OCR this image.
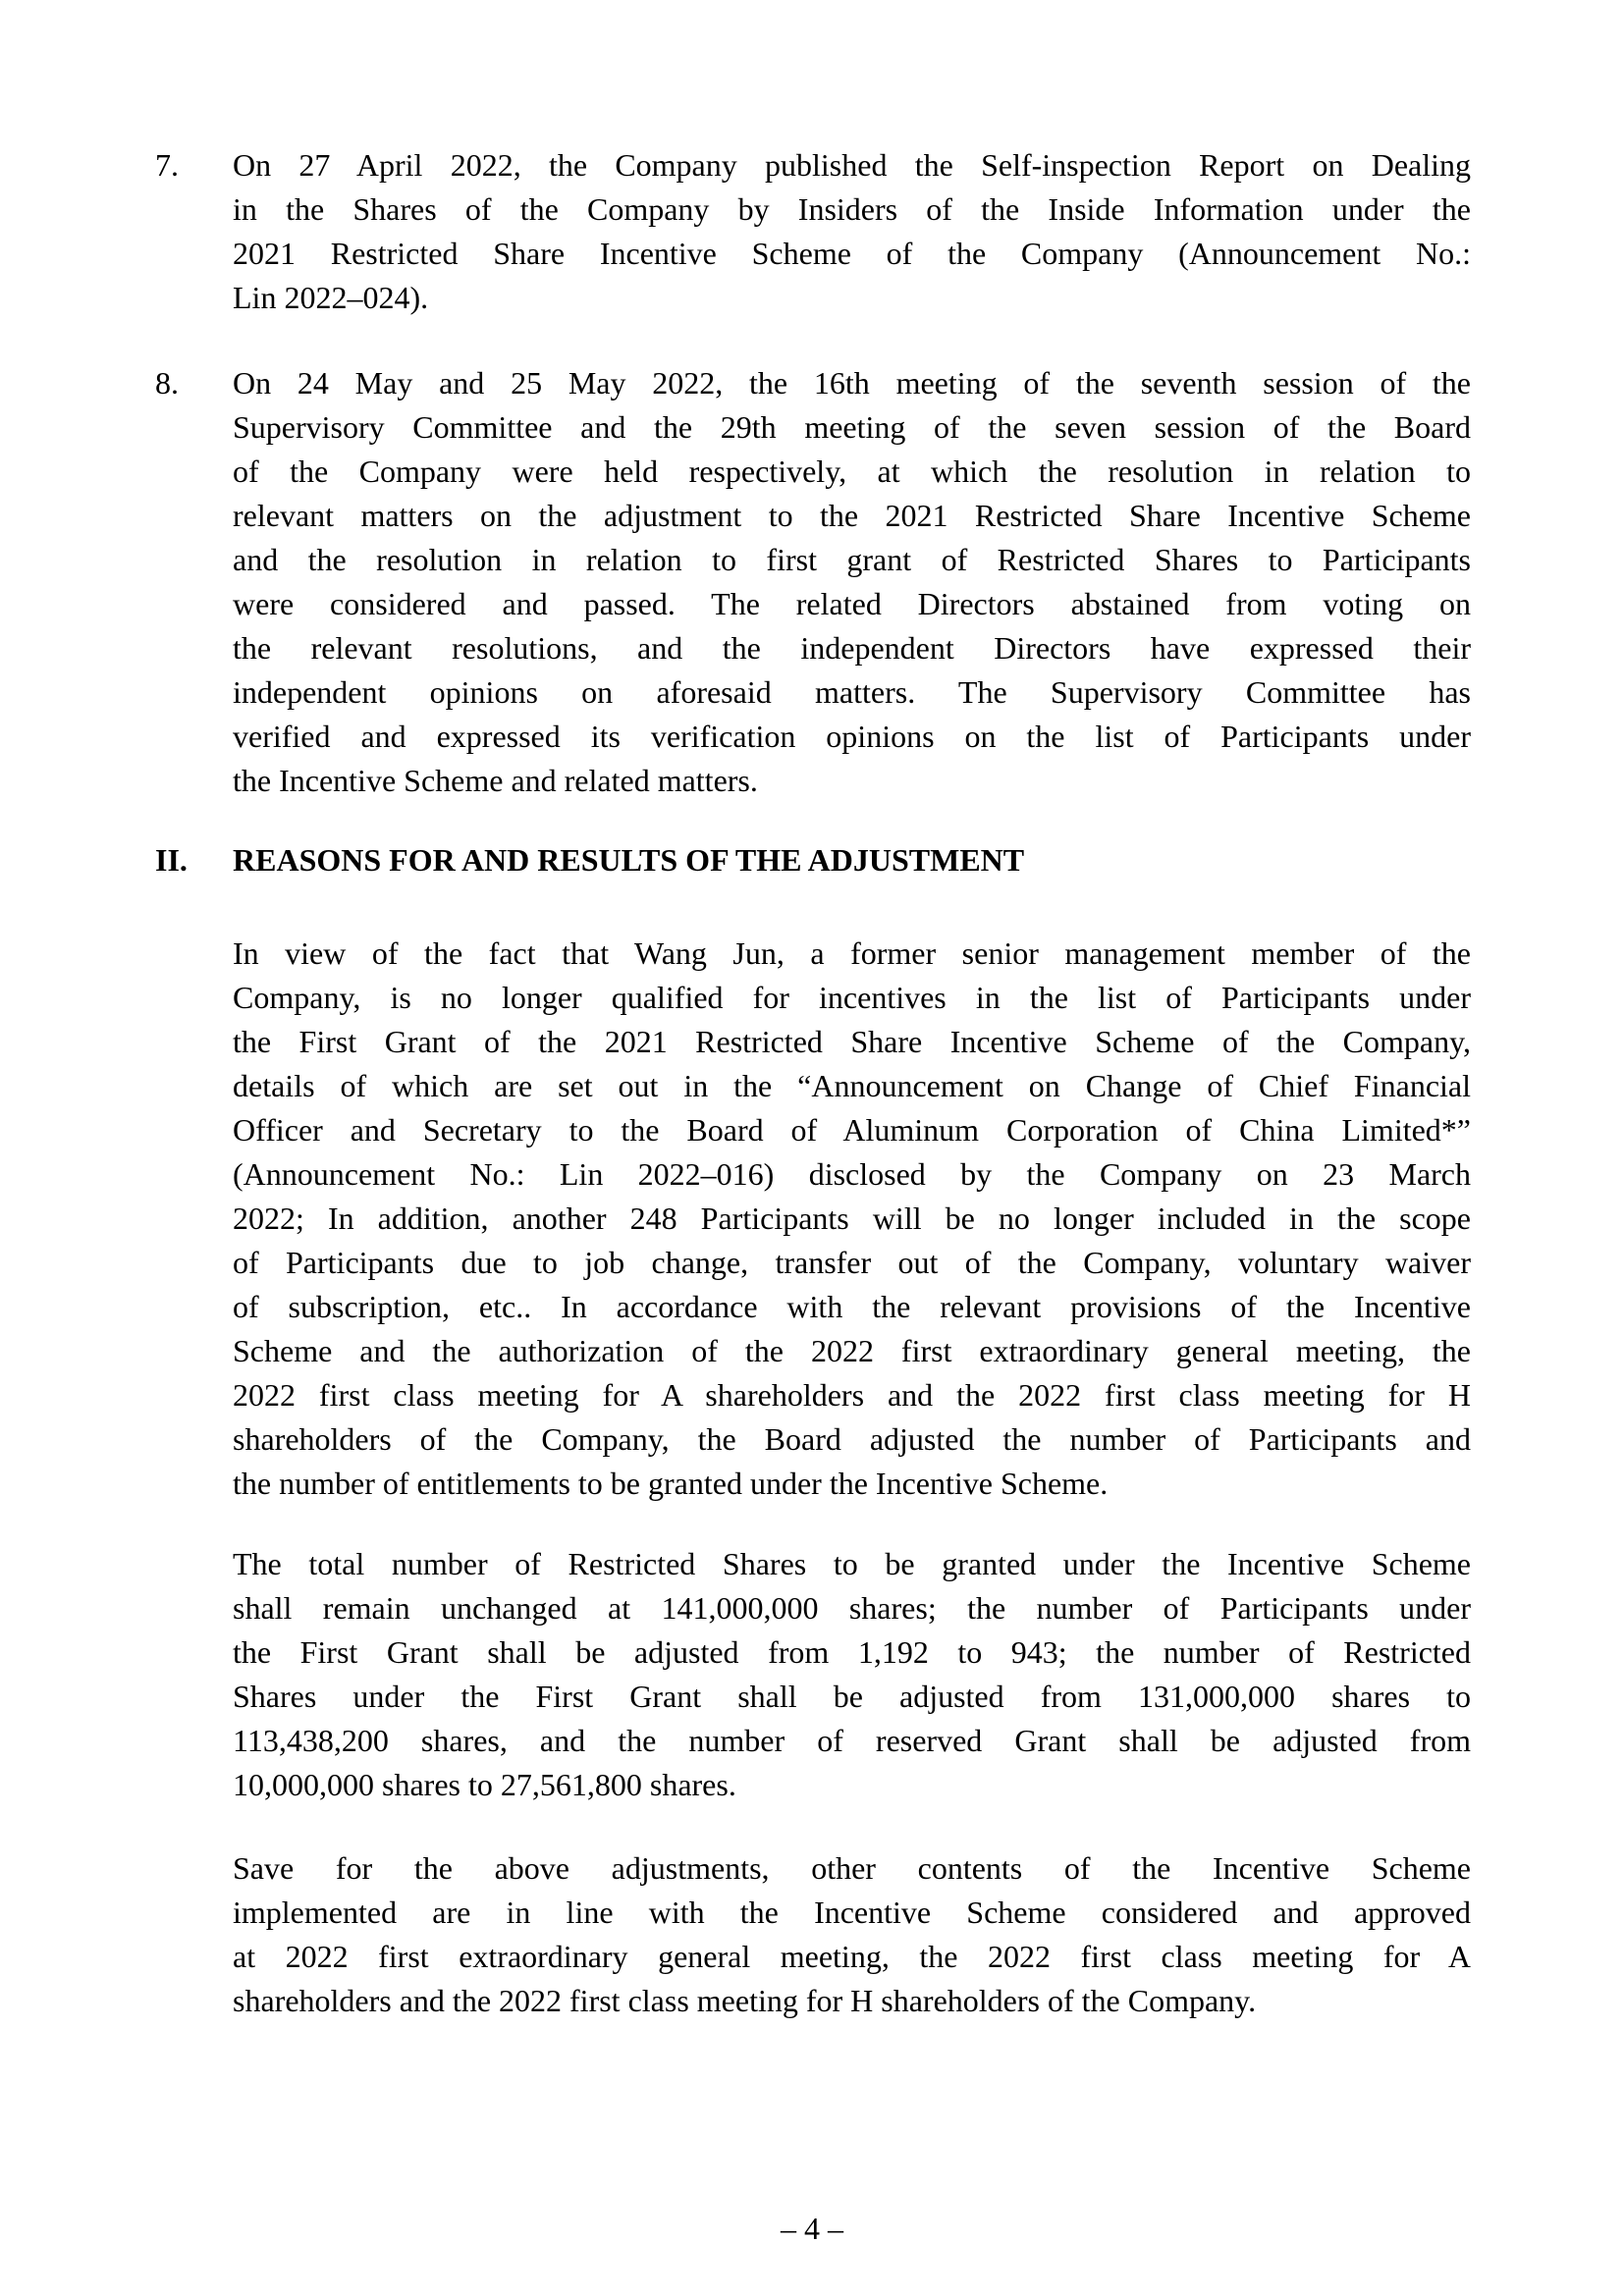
7. On 27 April 2022, the Company published the Self-inspection Report on Dealing
in the Shares of the Company by Insiders of the Inside Information under the
2021 Restricted Share Incentive Scheme of the Company (Announcement No.:
Lin 2022–024).
8. On 24 May and 25 May 2022, the 16th meeting of the seventh session of the
Supervisory Committee and the 29th meeting of the seven session of the Board
of the Company were held respectively, at which the resolution in relation to
relevant matters on the adjustment to the 2021 Restricted Share Incentive Scheme
and the resolution in relation to first grant of Restricted Shares to Participants
were considered and passed. The related Directors abstained from voting on
the relevant resolutions, and the independent Directors have expressed their
independent opinions on aforesaid matters. The Supervisory Committee has
verified and expressed its verification opinions on the list of Participants under
the Incentive Scheme and related matters.
II. REASONS FOR AND RESULTS OF THE ADJUSTMENT
In view of the fact that Wang Jun, a former senior management member of the
Company, is no longer qualified for incentives in the list of Participants under
the First Grant of the 2021 Restricted Share Incentive Scheme of the Company,
details of which are set out in the “Announcement on Change of Chief Financial
Officer and Secretary to the Board of Aluminum Corporation of China Limited*”
(Announcement No.: Lin 2022–016) disclosed by the Company on 23 March
2022; In addition, another 248 Participants will be no longer included in the scope
of Participants due to job change, transfer out of the Company, voluntary waiver
of subscription, etc.. In accordance with the relevant provisions of the Incentive
Scheme and the authorization of the 2022 first extraordinary general meeting, the
2022 first class meeting for A shareholders and the 2022 first class meeting for H
shareholders of the Company, the Board adjusted the number of Participants and
the number of entitlements to be granted under the Incentive Scheme.
The total number of Restricted Shares to be granted under the Incentive Scheme
shall remain unchanged at 141,000,000 shares; the number of Participants under
the First Grant shall be adjusted from 1,192 to 943; the number of Restricted
Shares under the First Grant shall be adjusted from 131,000,000 shares to
113,438,200 shares, and the number of reserved Grant shall be adjusted from
10,000,000 shares to 27,561,800 shares.
Save for the above adjustments, other contents of the Incentive Scheme
implemented are in line with the Incentive Scheme considered and approved
at 2022 first extraordinary general meeting, the 2022 first class meeting for A
shareholders and the 2022 first class meeting for H shareholders of the Company.
– 4 –
